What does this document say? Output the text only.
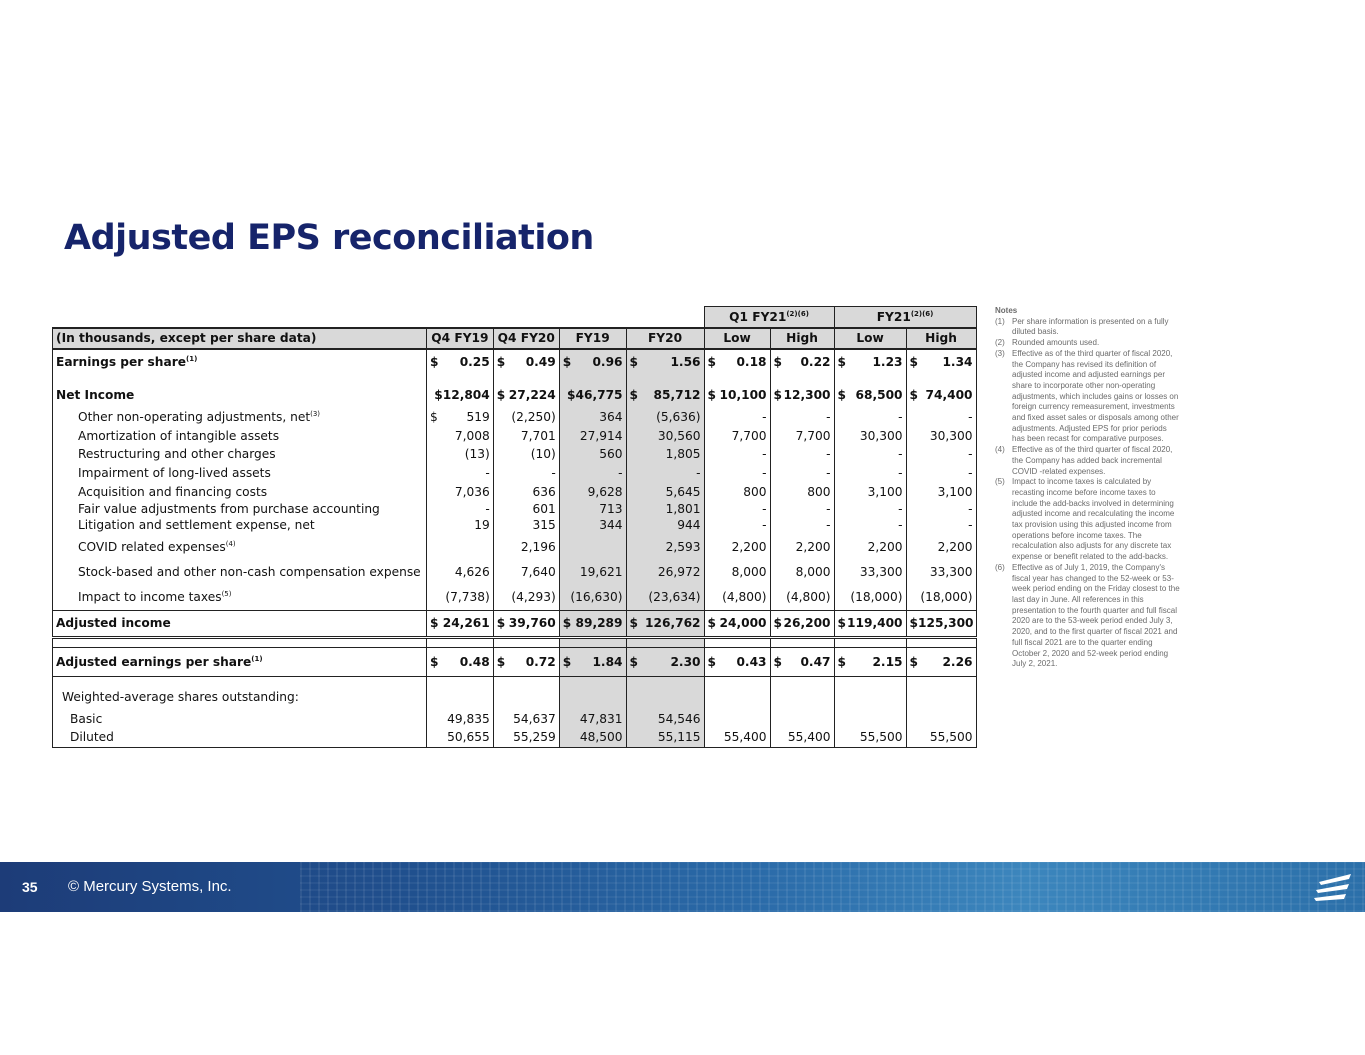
Adjusted EPS reconciliation
					Q1 $FY21^{(2)(6)}$		$FY21^{(2)(6)}$
(In thousands, except per share data)	Q4 FY19	Q4 FY20	FY19	FY20	Low	High	Low	High
Earnings per share$^{(1)}$	$ 0.25	$ 0.49	$ 0.96	$ 1.56	$ 0.18	$ 0.22	$ 1.23	$ 1.34

Net Income	$12,804	$ 27,224	$46,775	$ 85,712	$ 10,100	$ 12,300	$ 68,500	$ 74,400
Other non-operating adjustments, net$^{(3)}$	$ 519	(2,250)	364	(5,636)	-	-	-	-
Amortization of intangible assets	7,008	7,701	27,914	30,560	7,700	7,700	30,300	30,300
Restructuring and other charges	(13)	(10)	560	1,805	-	-	-	-
Impairment of long-lived assets	-	-	-	-	-	-	-	-
Acquisition and financing costs	7,036	636	9,628	5,645	800	800	3,100	3,100
Fair value adjustments from purchase accounting	-	601	713	1,801	-	-	-	-
Litigation and settlement expense, net	19	315	344	944	-	-	-	-
COVID related expenses$^{(4)}$		2,196		2,593	2,200	2,200	2,200	2,200
Stock-based and other non-cash compensation expense	4,626	7,640	19,621	26,972	8,000	8,000	33,300	33,300
Impact to income taxes$^{(5)}$	(7,738)	(4,293)	(16,630)	(23,634)	(4,800)	(4,800)	(18,000)	(18,000)
Adjusted income	$ 24,261	$ 39,760	$ 89,289	$ 126,762	$ 24,000	$ 26,200	$ 119,400	$ 125,300

Adjusted earnings per share$^{(1)}$	$ 0.48	$ 0.72	$ 1.84	$ 2.30	$ 0.43	$ 0.47	$ 2.15	$ 2.26

Weighted-average shares outstanding:								
Basic	49,835	54,637	47,831	54,546				
Diluted	50,655	55,259	48,500	55,115	55,400	55,400	55,500	55,500
Notes
(1) Per share information is presented on a fully diluted basis.
(2) Rounded amounts used.
(3) Effective as of the third quarter of fiscal 2020, the Company has revised its definition of adjusted income and adjusted earnings per share to incorporate other non-operating adjustments, which includes gains or losses on foreign currency remeasurement, investments and fixed asset sales or disposals among other adjustments. Adjusted EPS for prior periods has been recast for comparative purposes.
(4) Effective as of the third quarter of fiscal 2020, the Company has added back incremental COVID -related expenses.
(5) Impact to income taxes is calculated by recasting income before income taxes to include the add-backs involved in determining adjusted income and recalculating the income tax provision using this adjusted income from operations before income taxes. The recalculation also adjusts for any discrete tax expense or benefit related to the add-backs.
(6) Effective as of July 1, 2019, the Company's fiscal year has changed to the 52-week or 53-week period ending on the Friday closest to the last day in June. All references in this presentation to the fourth quarter and full fiscal 2020 are to the 53-week period ended July 3, 2020, and to the first quarter of fiscal 2021 and full fiscal 2021 are to the quarter ending October 2, 2020 and 52-week period ending July 2, 2021.
35 © Mercury Systems, Inc.
